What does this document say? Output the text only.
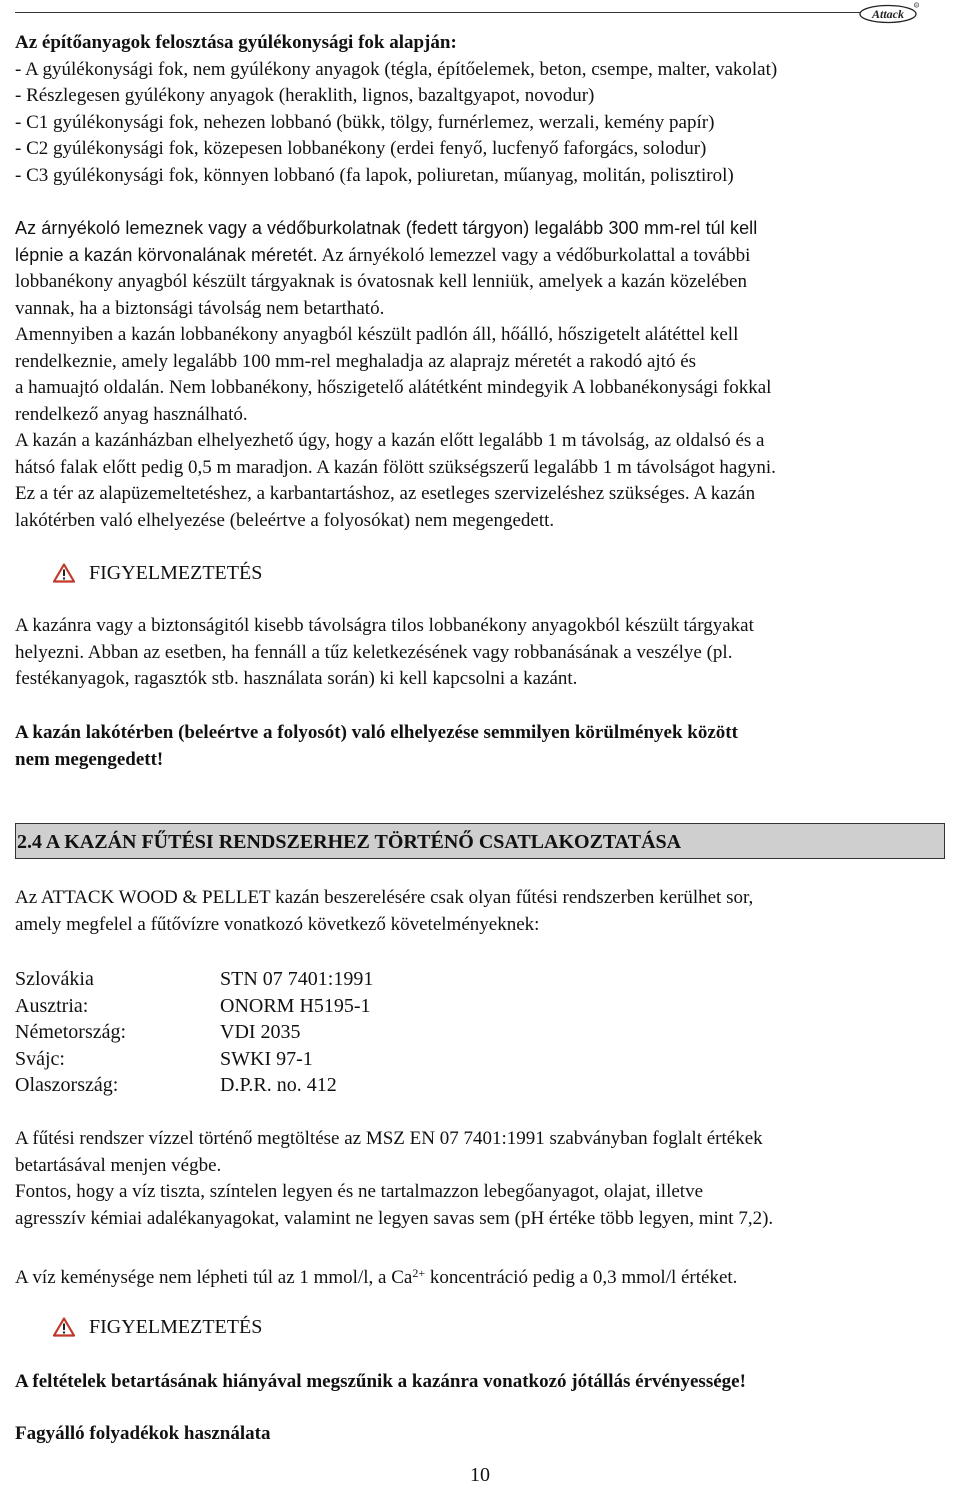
Attack
R

Az építőanyagok felosztása gyúlékonysági fok alapján:

- A gyúlékonysági fok, nem gyúlékony anyagok (tégla, építőelemek, beton, csempe, malter, vakolat)

- Részlegesen gyúlékony anyagok (heraklith, lignos, bazaltgyapot, novodur)

- C1 gyúlékonysági fok, nehezen lobbanó (bükk, tölgy, furnérlemez, werzali, kemény papír)

- C2 gyúlékonysági fok, közepesen lobbanékony (erdei fenyő, lucfenyő faforgács, solodur)

- C3 gyúlékonysági fok, könnyen lobbanó (fa lapok, poliuretan, műanyag, molitán, polisztirol)

Az árnyékoló lemeznek vagy a védőburkolatnak (fedett tárgyon) legalább 300 mm-rel túl kell

lépnie a kazán körvonalának méretét. Az árnyékoló lemezzel vagy a védőburkolattal a további

lobbanékony anyagból készült tárgyaknak is óvatosnak kell lenniük, amelyek a kazán közelében

vannak, ha a biztonsági távolság nem betartható.

Amennyiben a kazán lobbanékony anyagból készült padlón áll, hőálló, hőszigetelt alátéttel kell

rendelkeznie, amely legalább 100 mm-rel meghaladja az alaprajz méretét a rakodó ajtó és

a hamuajtó oldalán. Nem lobbanékony, hőszigetelő alátétként mindegyik A lobbanékonysági fokkal

rendelkező anyag használható.

A kazán a kazánházban elhelyezhető úgy, hogy a kazán előtt legalább 1 m távolság, az oldalsó és a

hátsó falak előtt pedig 0,5 m maradjon. A kazán fölött szükségszerű legalább 1 m távolságot hagyni.

Ez a tér az alapüzemeltetéshez, a karbantartáshoz, az esetleges szervizeléshez szükséges. A kazán

lakótérben való elhelyezése (beleértve a folyosókat) nem megengedett.

FIGYELMEZTETÉS

A kazánra vagy a biztonságitól kisebb távolságra tilos lobbanékony anyagokból készült tárgyakat

helyezni. Abban az esetben, ha fennáll a tűz keletkezésének vagy robbanásának a veszélye (pl.

festékanyagok, ragasztók stb. használata során) ki kell kapcsolni a kazánt.

A kazán lakótérben (beleértve a folyosót) való elhelyezése semmilyen körülmények között

nem megengedett!

2.4 A KAZÁN FŰTÉSI RENDSZERHEZ TÖRTÉNŐ CSATLAKOZTATÁSA

Az ATTACK WOOD & PELLET kazán beszerelésére csak olyan fűtési rendszerben kerülhet sor,

amely megfelel a fűtővízre vonatkozó következő követelményeknek:

Szlovákia	STN 07 7401:1991
Ausztria:	ONORM H5195-1
Németország:	VDI 2035
Svájc:	SWKI 97-1
Olaszország:	D.P.R. no. 412

A fűtési rendszer vízzel történő megtöltése az MSZ EN 07 7401:1991 szabványban foglalt értékek

betartásával menjen végbe.

Fontos, hogy a víz tiszta, színtelen legyen és ne tartalmazzon lebegőanyagot, olajat, illetve

agresszív kémiai adalékanyagokat, valamint ne legyen savas sem (pH értéke több legyen, mint 7,2).

A víz keménysége nem lépheti túl az 1 mmol/l, a $Ca^{2+}$ koncentráció pedig a 0,3 mmol/l értéket.

FIGYELMEZTETÉS
A feltételek betartásának hiányával megszűnik a kazánra vonatkozó jótállás érvényessége!
Fagyálló folyadékok használata
10
